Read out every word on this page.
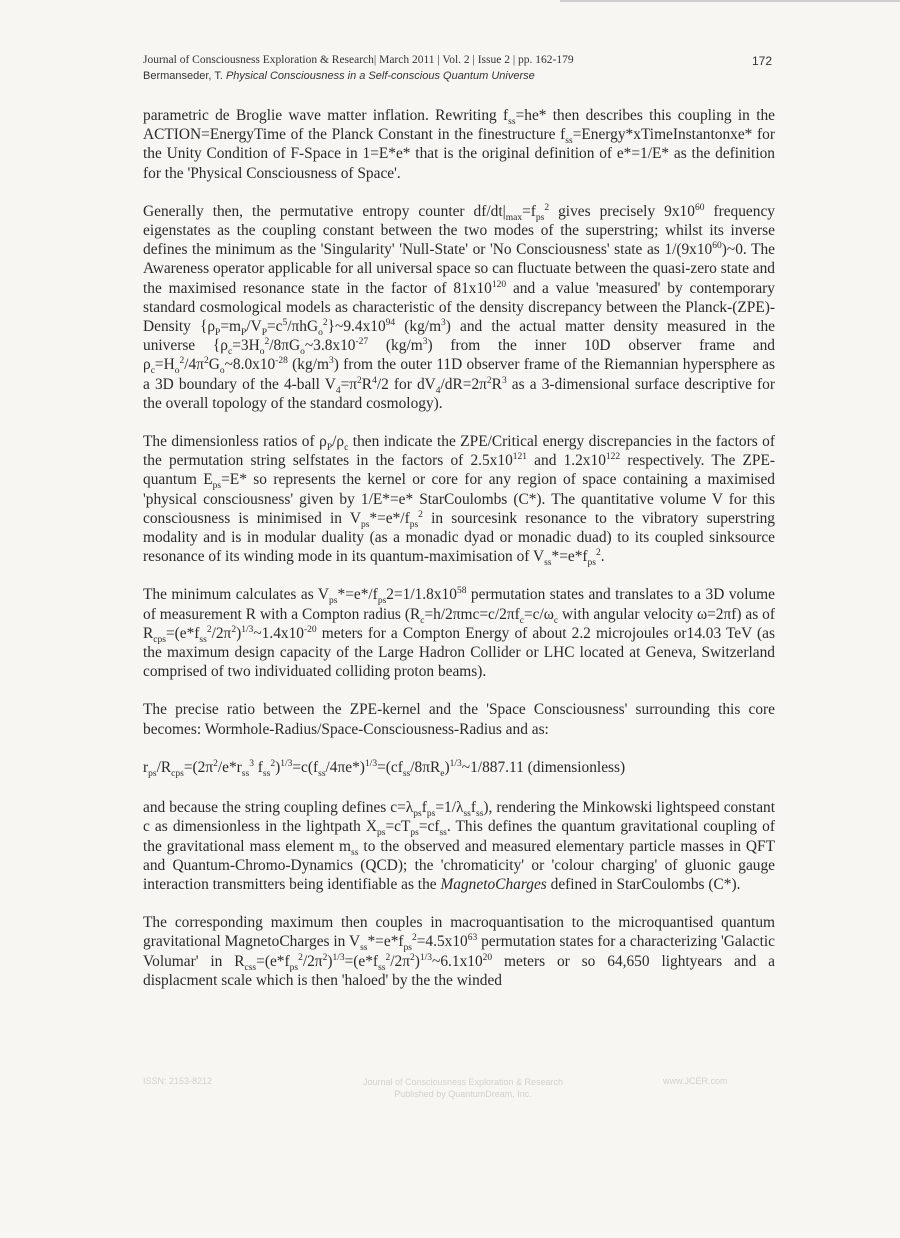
Journal of Consciousness Exploration & Research| March 2011 | Vol. 2 | Issue 2 | pp. 162-179
Bermanseder, T. Physical Consciousness in a Self-conscious Quantum Universe
172

parametric de Broglie wave matter inflation. Rewriting $f_{ss}=he*$ then describes this coupling in the ACTION=EnergyTime of the Planck Constant in the finestructure $f_{ss}=Energy*xTimeInstantonxe*$ for the Unity Condition of F-Space in 1=E*e* that is the original definition of e*=1/E* as the definition for the 'Physical Consciousness of Space'.

Generally then, the permutative entropy counter $df/dt|_{max}=f_{ps}^2$ gives precisely $9x10^{60}$ frequency eigenstates as the coupling constant between the two modes of the superstring; whilst its inverse defines the minimum as the 'Singularity' 'Null-State' or 'No Consciousness' state as $1/(9x10^{60})\sim 0$. The Awareness operator applicable for all universal space so can fluctuate between the quasi-zero state and the maximised resonance state in the factor of $81x10^{120}$ and a value 'measured' by contemporary standard cosmological models as characteristic of the density discrepancy between the Planck-(ZPE)-Density $\{\rho_P=m_P/V_P=c^5/\pi hG_o^2\}\sim 9.4x10^{94}$ $(kg/m^3)$ and the actual matter density measured in the universe {$\rho_c=3H_o^2/8\pi G_o\sim 3.8x10^{-27}$ $(kg/m^3)$ from the inner 10D observer frame and $\rho_c=H_o^2/4\pi^2G_o\sim 8.0x10^{-28}$ $(kg/m^3)$ from the outer 11D observer frame of the Riemannian hypersphere as a 3D boundary of the 4-ball $V_4=\pi^2R^4/2$ for $dV_4/dR=2\pi^2R^3$ as a 3-dimensional surface descriptive for the overall topology of the standard cosmology).

The dimensionless ratios of $\rho_P/\rho_c$ then indicate the ZPE/Critical energy discrepancies in the factors of the permutation string selfstates in the factors of $2.5x10^{121}$ and $1.2x10^{122}$ respectively. The ZPE-quantum $E_{ps}=E*$ so represents the kernel or core for any region of space containing a maximised 'physical consciousness' given by 1/E*=e* StarCoulombs (C*). The quantitative volume V for this consciousness is minimised in $V_{ps}*=e*/f_{ps}^2$ in sourcesink resonance to the vibratory superstring modality and is in modular duality (as a monadic dyad or monadic duad) to its coupled sinksource resonance of its winding mode in its quantum-maximisation of $V_{ss}*=e*f_{ps}^2$.

The minimum calculates as $V_{ps}*=e*/f_{ps}2=1/1.8x10^{58}$ permutation states and translates to a 3D volume of measurement R with a Compton radius ($R_c=h/2\pi mc=c/2\pi f_c=c/\omega_c$ with angular velocity ω=2πf) as of $R_{cps}=(e*f_{ss}^2/2\pi^2)^{1/3}\sim 1.4x10^{-20}$ meters for a Compton Energy of about 2.2 microjoules or14.03 TeV (as the maximum design capacity of the Large Hadron Collider or LHC located at Geneva, Switzerland comprised of two individuated colliding proton beams).

The precise ratio between the ZPE-kernel and the 'Space Consciousness' surrounding this core becomes: Wormhole-Radius/Space-Consciousness-Radius and as:

$r_{ps}/R_{cps}=(2\pi^2/e*r_{ss}^3$ $f_{ss}^2)^{1/3}=c(f_{ss}/4\pi e*)^{1/3}=(cf_{ss}/8\pi R_e)^{1/3}\sim 1/887.11$ (dimensionless)

and because the string coupling defines $c=\lambda_{ps}f_{ps}=1/\lambda_{ss}f_{ss}$), rendering the Minkowski lightspeed constant c as dimensionless in the lightpath $X_{ps}=cT_{ps}=cf_{ss}$. This defines the quantum gravitational coupling of the gravitational mass element $m_{ss}$ to the observed and measured elementary particle masses in QFT and Quantum-Chromo-Dynamics (QCD); the 'chromaticity' or 'colour charging' of gluonic gauge interaction transmitters being identifiable as the MagnetoCharges defined in StarCoulombs (C*).

The corresponding maximum then couples in macroquantisation to the microquantised quantum gravitational MagnetoCharges in $V_{ss}*=e*f_{ps}^2=4.5x10^{63}$ permutation states for a characterizing 'Galactic Volumar' in $R_{css}=(e*f_{ps}^2/2\pi^2)^{1/3}=(e*f_{ss}^2/2\pi^2)^{1/3}\sim 6.1x10^{20}$ meters or so 64,650 lightyears and a displacment scale which is then 'haloed' by the the winded

ISSN: 2153-8212	Journal of Consciousness Exploration & Research
Published by QuantumDream, Inc.
www.JCER.com
